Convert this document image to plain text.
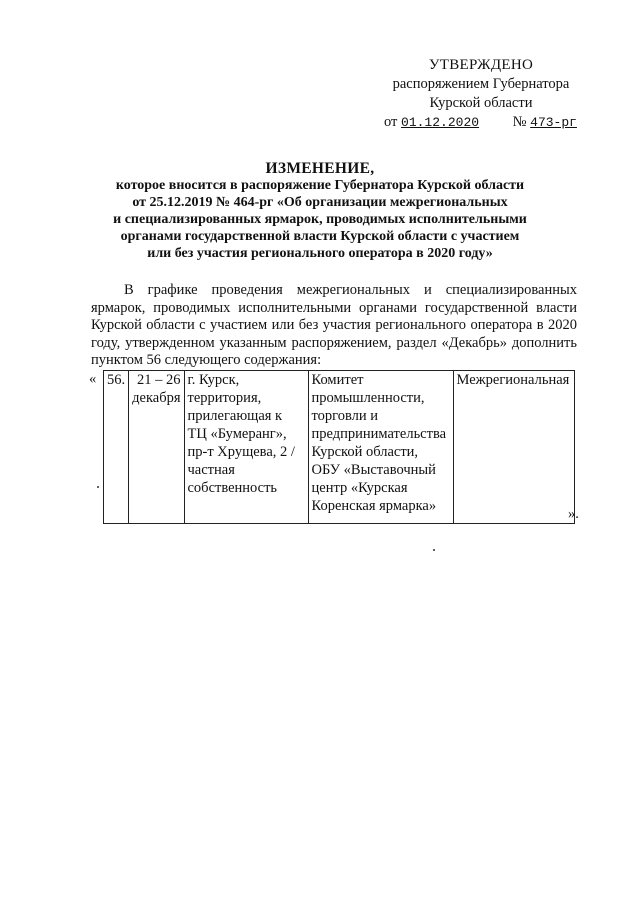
УТВЕРЖДЕНО
распоряжением Губернатора
Курской области
от 01.12.2020 № 473-рг
ИЗМЕНЕНИЕ,
которое вносится в распоряжение Губернатора Курской области
от 25.12.2019 № 464-рг «Об организации межрегиональных
и специализированных ярмарок, проводимых исполнительными
органами государственной власти Курской области с участием
или без участия регионального оператора в 2020 году»
В графике проведения межрегиональных и специализированных ярмарок, проводимых исполнительными органами государственной власти Курской области с участием или без участия регионального оператора в 2020 году, утвержденном указанным распоряжением, раздел «Декабрь» дополнить пунктом 56 следующего содержания:
« 56.	21 – 26 декабря	г. Курск, территория, прилегающая к ТЦ «Бумеранг», пр-т Хрущева, 2 / частная собственность	Комитет промышленности, торговли и предпринимательства Курской области, ОБУ «Выставочный центр «Курская Коренская ярмарка»	Межрегиональная
».
